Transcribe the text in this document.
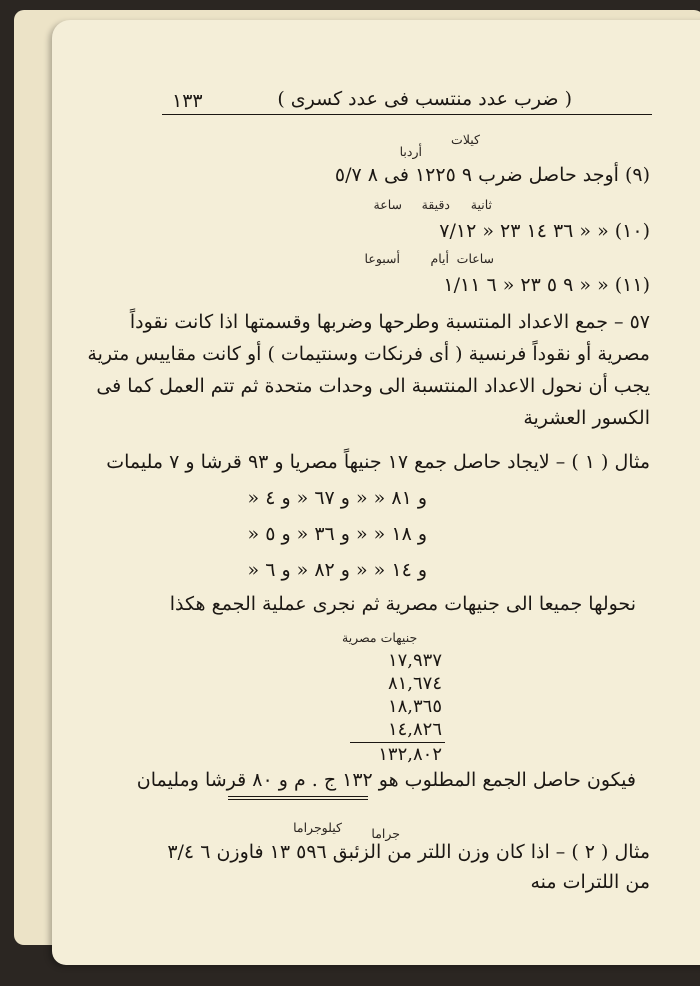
١٣٣	( ضرب عدد منتسب فى عدد كسرى )
كيلات
أردبا
(٩) أوجد حاصل ضرب ٩ ١٢٢٥ فى ٨ ٥/٧
ثانية
دقيقة
ساعة
(١٠) « « ٣٦ ١٤ ٢٣ « ٧/١٢
ساعات
أيام
أسبوعا
(١١) « « ٩ ٥ ٢٣ « ٦ ١/١١
٥٧ – جمع الاعداد المنتسبة وطرحها وضربها وقسمتها اذا كانت نقوداً
مصرية أو نقوداً فرنسية ( أى فرنكات وسنتيمات ) أو كانت مقاييس مترية
يجب أن نحول الاعداد المنتسبة الى وحدات متحدة ثم تتم العمل كما فى
الكسور العشرية
مثال ( ١ ) – لايجاد حاصل جمع ١٧ جنيهاً مصريا و ٩٣ قرشا و ٧ مليمات
و ٨١ « « و ٦٧ « و ٤ «
و ١٨ « « و ٣٦ « و ٥ «
و ١٤ « « و ٨٢ « و ٦ «
نحولها جميعا الى جنيهات مصرية ثم نجرى عملية الجمع هكذا
جنيهات مصرية
١٧,٩٣٧
٨١,٦٧٤
١٨,٣٦٥
١٤,٨٢٦
١٣٢,٨٠٢
فيكون حاصل الجمع المطلوب هو ١٣٢ ج . م و ٨٠ قرشا ومليمان
جراما
كيلوجراما
مثال ( ٢ ) – اذا كان وزن اللتر من الزئبق ٥٩٦ ١٣ فاوزن ٦ ٣/٤
من اللترات منه
